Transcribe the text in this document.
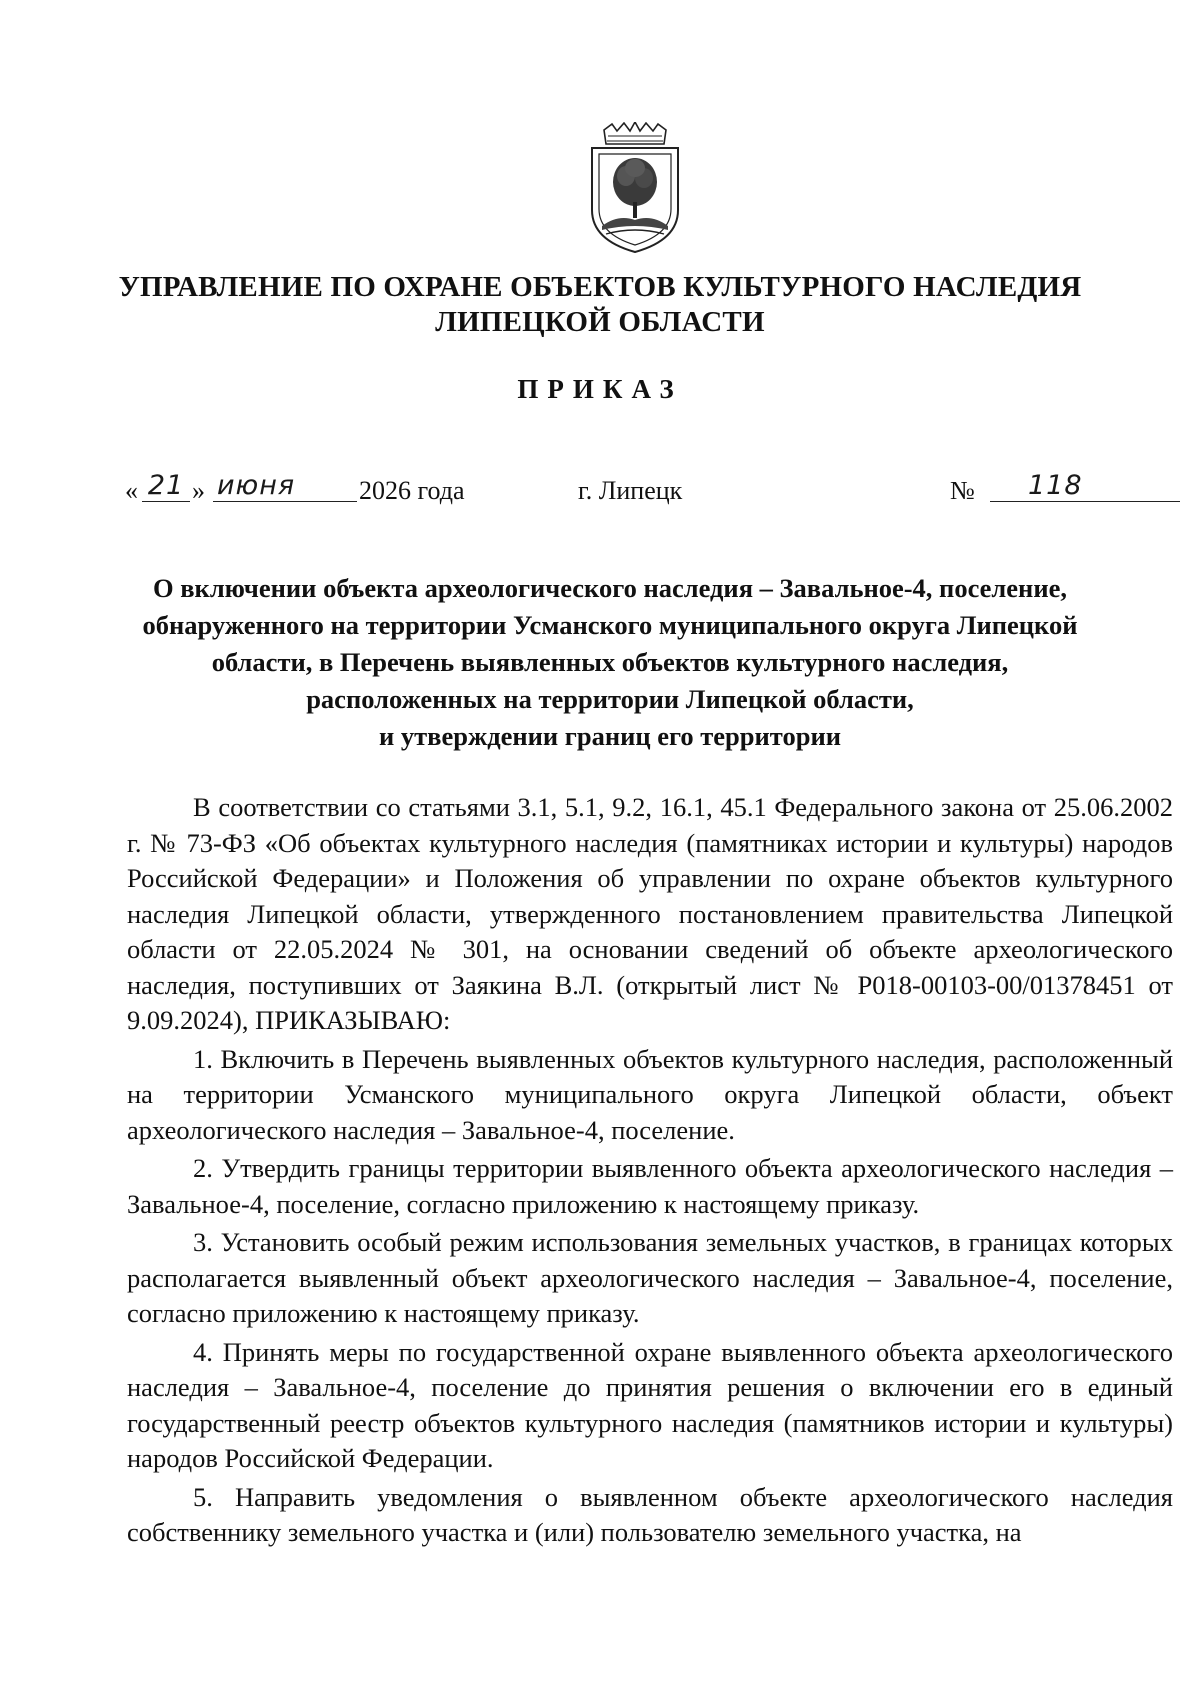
УПРАВЛЕНИЕ ПО ОХРАНЕ ОБЪЕКТОВ КУЛЬТУРНОГО НАСЛЕДИЯ
ЛИПЕЦКОЙ ОБЛАСТИ
ПРИКАЗ
« 21 » июня	2026 года	г. Липецк	№	118
О включении объекта археологического наследия – Завальное-4, поселение,
обнаруженного на территории Усманского муниципального округа Липецкой
области, в Перечень выявленных объектов культурного наследия,
расположенных на территории Липецкой области,
и утверждении границ его территории

В соответствии со статьями 3.1, 5.1, 9.2, 16.1, 45.1 Федерального закона от 25.06.2002 г. № 73-ФЗ «Об объектах культурного наследия (памятниках истории и культуры) народов Российской Федерации» и Положения об управлении по охране объектов культурного наследия Липецкой области, утвержденного постановлением правительства Липецкой области от 22.05.2024 № 301, на основании сведений об объекте археологического наследия, поступивших от Заякина В.Л. (открытый лист № Р018-00103-00/01378451 от 9.09.2024), ПРИКАЗЫВАЮ:

1. Включить в Перечень выявленных объектов культурного наследия, расположенный на территории Усманского муниципального округа Липецкой области, объект археологического наследия – Завальное-4, поселение.

2. Утвердить границы территории выявленного объекта археологического наследия – Завальное-4, поселение, согласно приложению к настоящему приказу.

3. Установить особый режим использования земельных участков, в границах которых располагается выявленный объект археологического наследия – Завальное-4, поселение, согласно приложению к настоящему приказу.

4. Принять меры по государственной охране выявленного объекта археологического наследия – Завальное-4, поселение до принятия решения о включении его в единый государственный реестр объектов культурного наследия (памятников истории и культуры) народов Российской Федерации.

5. Направить уведомления о выявленном объекте археологического наследия собственнику земельного участка и (или) пользователю земельного участка, на
